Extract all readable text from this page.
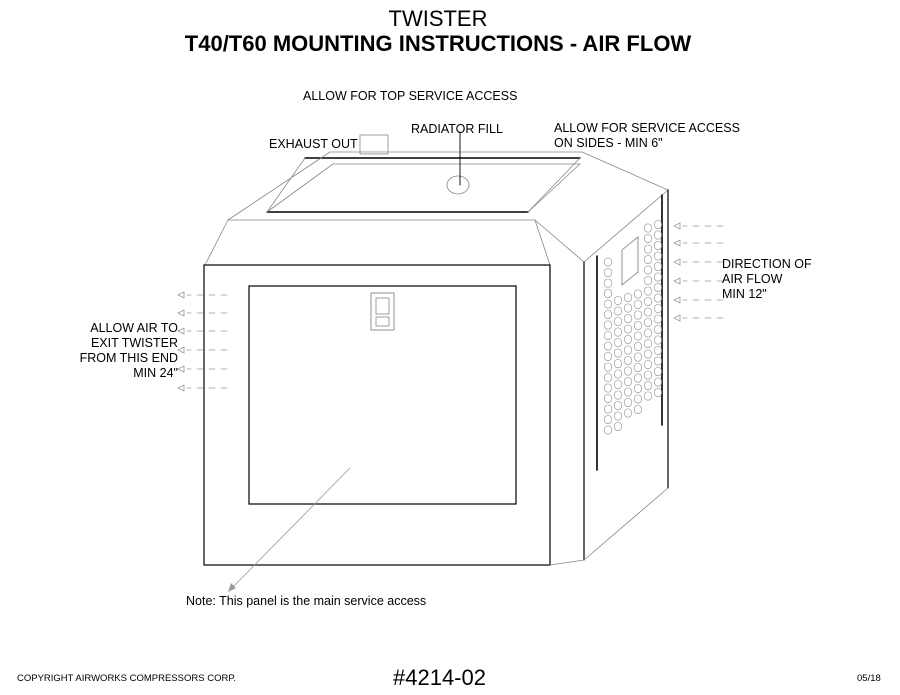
TWISTER
T40/T60 MOUNTING INSTRUCTIONS - AIR FLOW
ALLOW FOR TOP SERVICE ACCESS
RADIATOR FILL
EXHAUST OUT
ALLOW FOR SERVICE ACCESS
ON SIDES - MIN 6"
DIRECTION OF
AIR FLOW
MIN 12"
ALLOW AIR TO
EXIT TWISTER
FROM THIS END
MIN 24"
Note: This panel is the main service access
COPYRIGHT AIRWORKS COMPRESSORS CORP.	#4214-02	05/18
